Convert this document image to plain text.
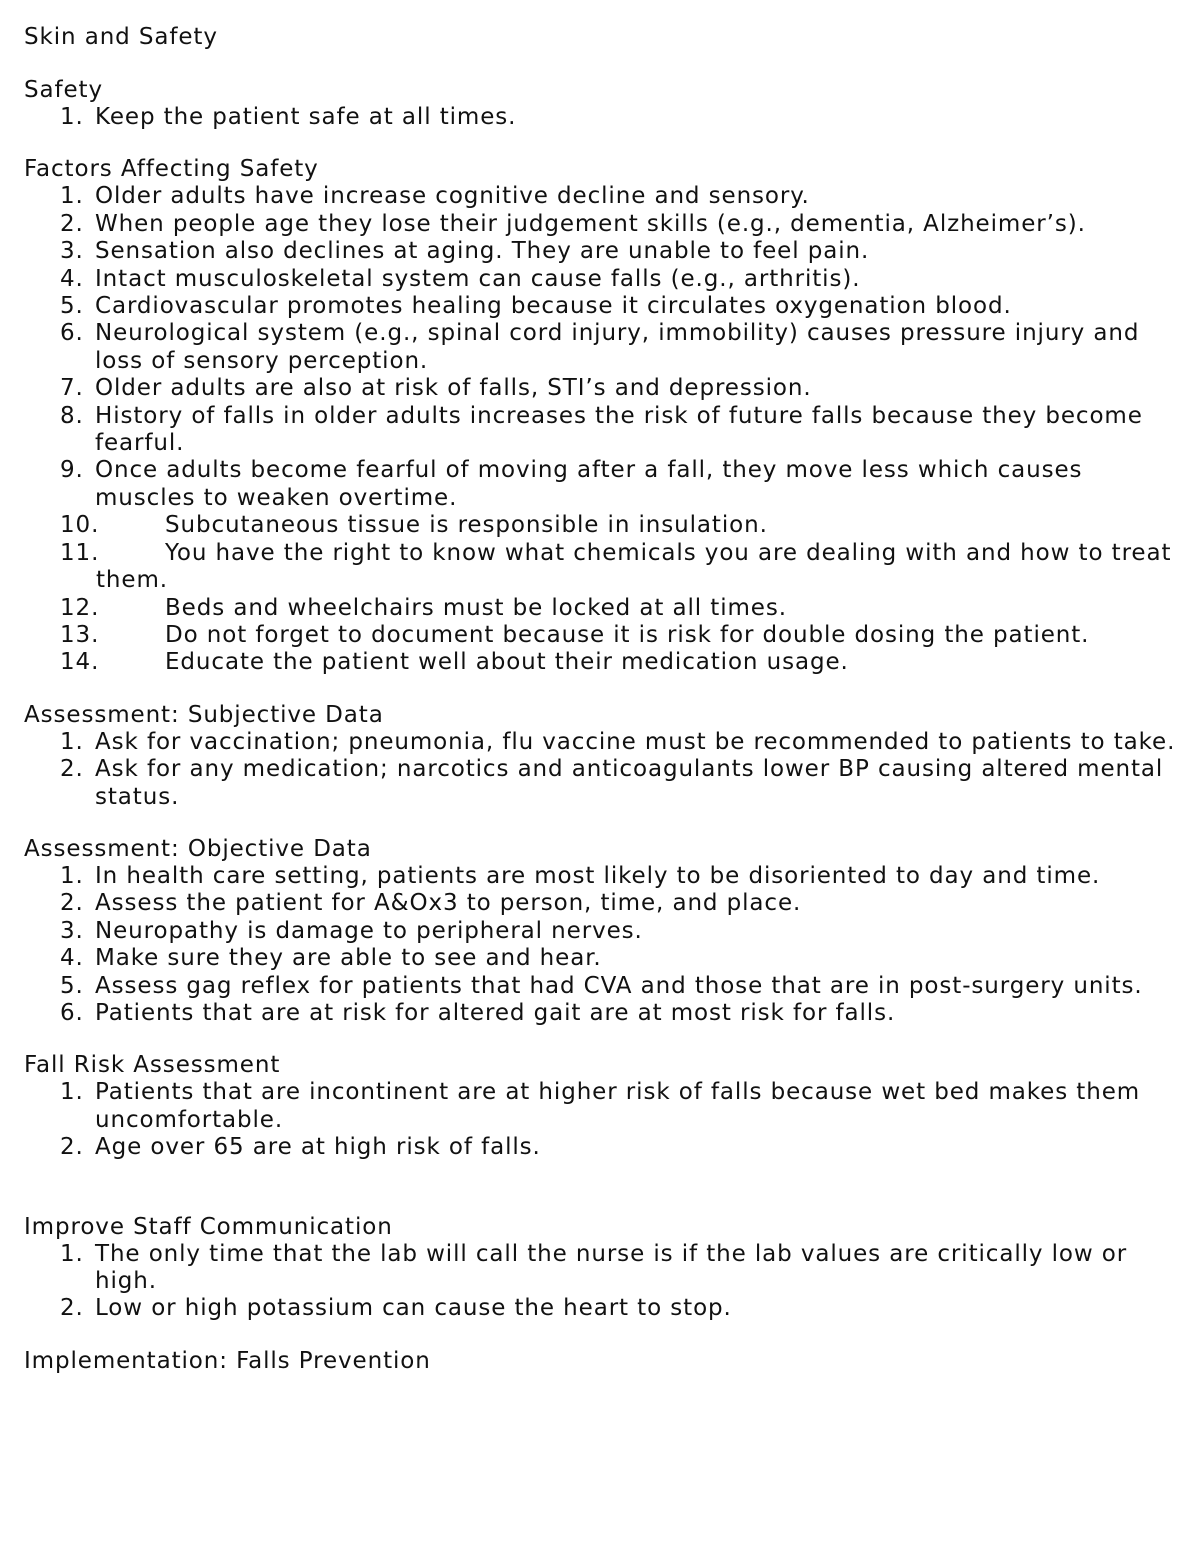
Skin and Safety
Safety
1. Keep the patient safe at all times.
Factors Affecting Safety
1. Older adults have increase cognitive decline and sensory.
2. When people age they lose their judgement skills (e.g., dementia, Alzheimer’s).
3. Sensation also declines at aging. They are unable to feel pain.
4. Intact musculoskeletal system can cause falls (e.g., arthritis).
5. Cardiovascular promotes healing because it circulates oxygenation blood.
6. Neurological system (e.g., spinal cord injury, immobility) causes pressure injury and loss of sensory perception.
7. Older adults are also at risk of falls, STI’s and depression.
8. History of falls in older adults increases the risk of future falls because they become fearful.
9. Once adults become fearful of moving after a fall, they move less which causes muscles to weaken overtime.
10.	Subcutaneous tissue is responsible in insulation.
11.	You have the right to know what chemicals you are dealing with and how to treat them.
12.	Beds and wheelchairs must be locked at all times.
13.	Do not forget to document because it is risk for double dosing the patient.
14.	Educate the patient well about their medication usage.
Assessment: Subjective Data
1. Ask for vaccination; pneumonia, flu vaccine must be recommended to patients to take.
2. Ask for any medication; narcotics and anticoagulants lower BP causing altered mental status.
Assessment: Objective Data
1. In health care setting, patients are most likely to be disoriented to day and time.
2. Assess the patient for A&Ox3 to person, time, and place.
3. Neuropathy is damage to peripheral nerves.
4. Make sure they are able to see and hear.
5. Assess gag reflex for patients that had CVA and those that are in post-surgery units.
6. Patients that are at risk for altered gait are at most risk for falls.
Fall Risk Assessment
1. Patients that are incontinent are at higher risk of falls because wet bed makes them uncomfortable.
2. Age over 65 are at high risk of falls.
Improve Staff Communication
1. The only time that the lab will call the nurse is if the lab values are critically low or high.
2. Low or high potassium can cause the heart to stop.
Implementation: Falls Prevention
